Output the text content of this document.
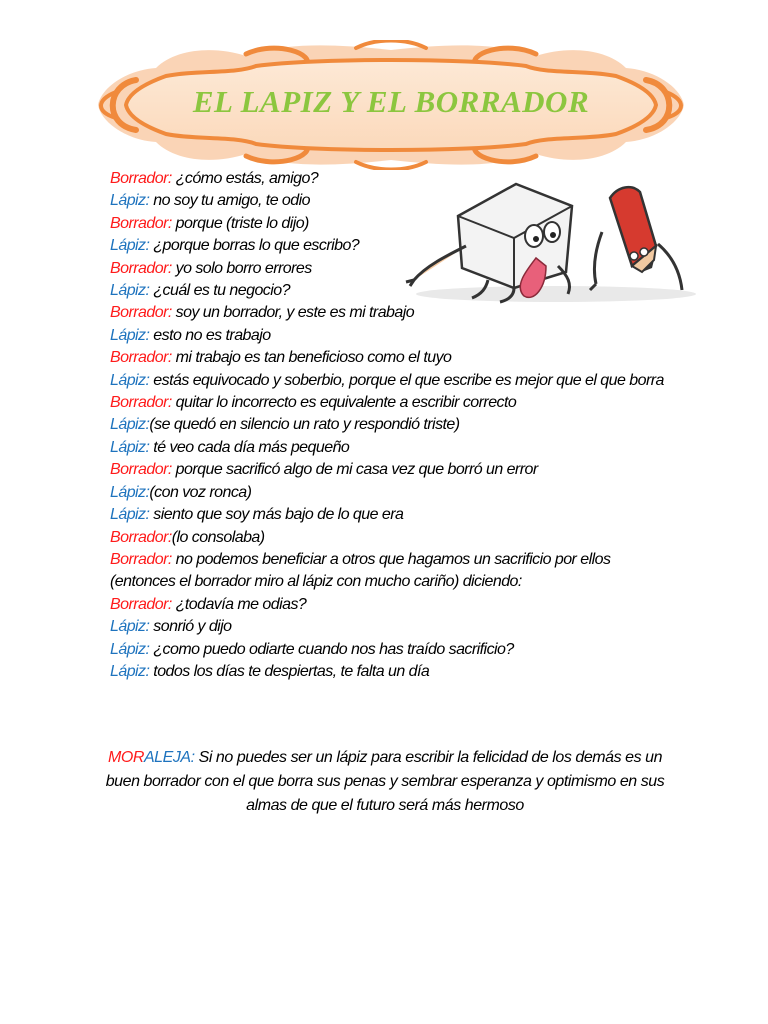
EL LAPIZ Y EL BORRADOR
Borrador: ¿cómo estás, amigo?
Lápiz: no soy tu amigo, te odio
Borrador: porque (triste lo dijo)
Lápiz: ¿porque borras lo que escribo?
Borrador: yo solo borro errores
Lápiz: ¿cuál es tu negocio?
Borrador: soy un borrador, y este es mi trabajo
Lápiz: esto no es trabajo
Borrador: mi trabajo es tan beneficioso como el tuyo
Lápiz: estás equivocado y soberbio, porque el que escribe es mejor que el que borra
Borrador: quitar lo incorrecto es equivalente a escribir correcto
Lápiz:(se quedó en silencio un rato y respondió triste)
Lápiz: té veo cada día más pequeño
Borrador: porque sacrificó algo de mi casa vez que borró un error
Lápiz:(con voz ronca)
Lápiz: siento que soy más bajo de lo que era
Borrador:(lo consolaba)
Borrador: no podemos beneficiar a otros que hagamos un sacrificio por ellos
(entonces el borrador miro al lápiz con mucho cariño) diciendo:
Borrador: ¿todavía me odias?
Lápiz: sonrió y dijo
Lápiz: ¿como puedo odiarte cuando nos has traído sacrificio?
Lápiz: todos los días te despiertas, te falta un día
MORALEJA: Si no puedes ser un lápiz para escribir la felicidad de los demás es un buen borrador con el que borra sus penas y sembrar esperanza y optimismo en sus almas de que el futuro será más hermoso
